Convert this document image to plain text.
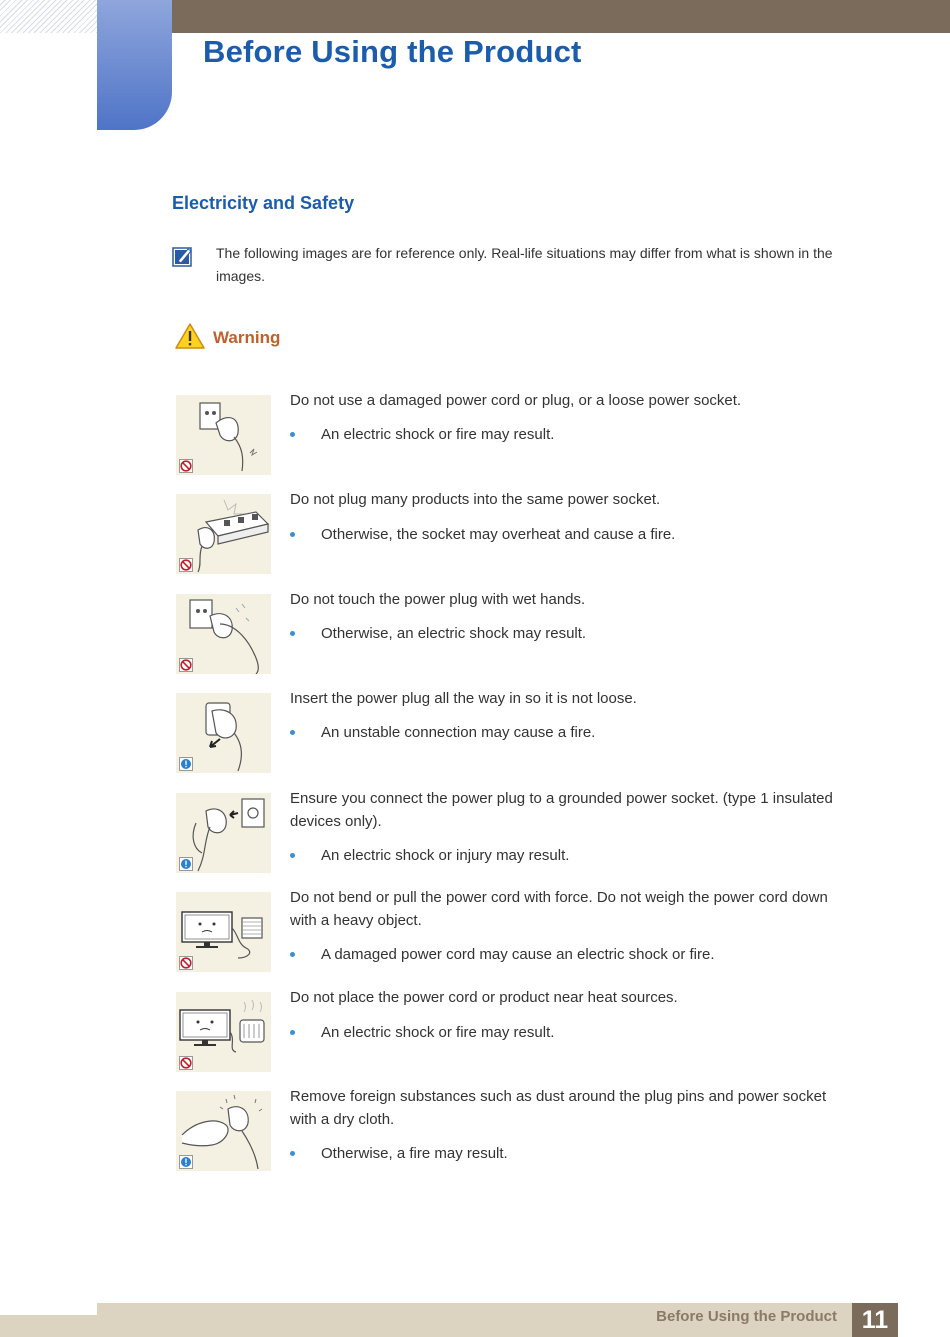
Before Using the Product
Electricity and Safety
The following images are for reference only. Real-life situations may differ from what is shown in the images.
Warning

Do not use a damaged power cord or plug, or a loose power socket.

An electric shock or fire may result.

Do not plug many products into the same power socket.

Otherwise, the socket may overheat and cause a fire.

Do not touch the power plug with wet hands.

Otherwise, an electric shock may result.

Insert the power plug all the way in so it is not loose.

An unstable connection may cause a fire.

Ensure you connect the power plug to a grounded power socket. (type 1 insulated devices only).

An electric shock or injury may result.

Do not bend or pull the power cord with force. Do not weigh the power cord down with a heavy object.

A damaged power cord may cause an electric shock or fire.

Do not place the power cord or product near heat sources.

An electric shock or fire may result.

Remove foreign substances such as dust around the plug pins and power socket with a dry cloth.

Otherwise, a fire may result.
Before Using the Product 11
